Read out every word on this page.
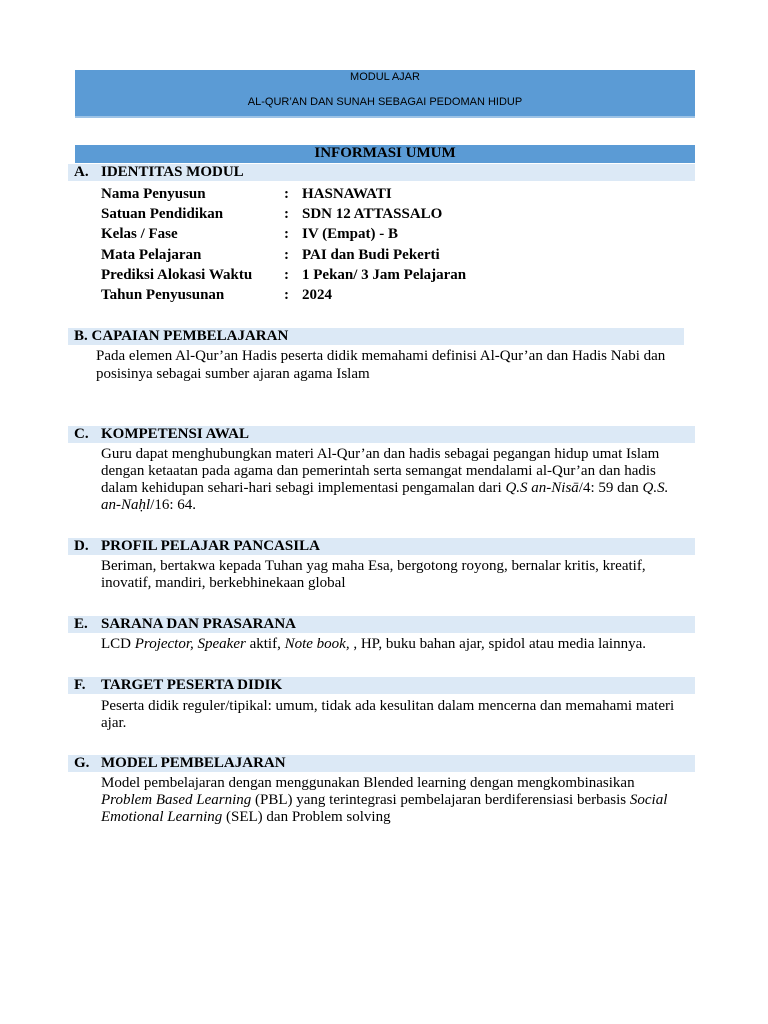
MODUL AJAR
AL-QUR’AN DAN SUNAH SEBAGAI PEDOMAN HIDUP
INFORMASI UMUM
A. IDENTITAS MODUL
Nama Penyusun	: HASNAWATI
Satuan Pendidikan	: SDN 12 ATTASSALO
Kelas / Fase	: IV (Empat) - B
Mata Pelajaran	: PAI dan Budi Pekerti
Prediksi Alokasi Waktu : 1 Pekan/ 3 Jam Pelajaran
Tahun Penyusunan	: 2024
B. CAPAIAN PEMBELAJARAN
Pada elemen Al-Qur’an Hadis peserta didik memahami definisi Al-Qur’an dan Hadis Nabi dan
posisinya sebagai sumber ajaran agama Islam
C. KOMPETENSI AWAL
Guru dapat menghubungkan materi Al-Qur’an dan hadis sebagai pegangan hidup umat Islam
dengan ketaatan pada agama dan pemerintah serta semangat mendalami al-Qur’an dan hadis
dalam kehidupan sehari-hari sebagi implementasi pengamalan dari Q.S an-Nisā/4: 59 dan Q.S.
an-Naḥl/16: 64.
D. PROFIL PELAJAR PANCASILA
Beriman, bertakwa kepada Tuhan yag maha Esa, bergotong royong, bernalar kritis, kreatif,
inovatif, mandiri, berkebhinekaan global
E. SARANA DAN PRASARANA
LCD Projector, Speaker aktif, Note book, , HP, buku bahan ajar, spidol atau media lainnya.
F. TARGET PESERTA DIDIK
Peserta didik reguler/tipikal: umum, tidak ada kesulitan dalam mencerna dan memahami materi
ajar.
G. MODEL PEMBELAJARAN
Model pembelajaran dengan menggunakan Blended learning dengan mengkombinasikan
Problem Based Learning (PBL) yang terintegrasi pembelajaran berdiferensiasi berbasis Social
Emotional Learning (SEL) dan Problem solving
